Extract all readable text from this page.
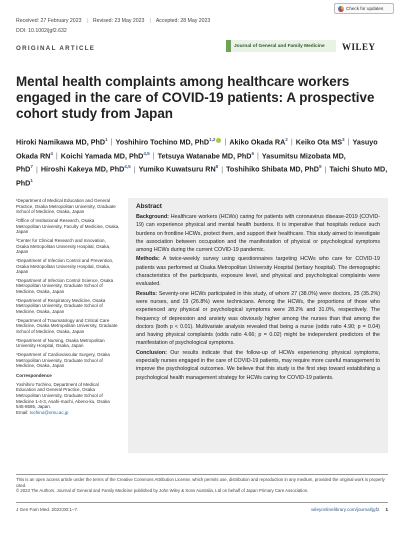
Check for updates
Received: 27 February 2023 | Revised: 23 May 2023 | Accepted: 28 May 2023
DOI: 10.1002/jgf2.632
ORIGINAL ARTICLE	Journal of General and Family Medicine WILEY
Mental health complaints among healthcare workers engaged in the care of COVID-19 patients: A prospective cohort study from Japan
Hiroki Namikawa MD, PhD$^1$ | Yoshihiro Tochino MD, PhD$^{1,2}$ | Akiko Okada $RA^2$ | Keiko Ota $MS^3$ | Yasuyo Okada $RN^4$ | Koichi Yamada MD, PhD$^{4,5}$ | Tetsuya Watanabe MD, PhD$^6$ | Yasumitsu Mizobata MD, PhD$^7$ | Hiroshi Kakeya MD, PhD$^{4,5}$ | Yumiko Kuwatsuru $RN^8$ | Toshihiko Shibata MD, PhD$^9$ | Taichi Shuto MD, PhD$^1$

¹Department of Medical Education and General Practice, Osaka Metropolitan University, Graduate School of Medicine, Osaka, Japan

²Office of Institutional Research, Osaka Metropolitan University, Faculty of Medicine, Osaka, Japan

³Center for Clinical Research and Innovation, Osaka Metropolitan University Hospital, Osaka, Japan

⁴Department of Infection Control and Prevention, Osaka Metropolitan University Hospital, Osaka, Japan

⁵Department of Infection Control Science, Osaka Metropolitan University, Graduate School of Medicine, Osaka, Japan

⁶Department of Respiratory Medicine, Osaka Metropolitan University, Graduate School of Medicine, Osaka, Japan

⁷Department of Traumatology and Critical Care Medicine, Osaka Metropolitan University, Graduate School of Medicine, Osaka, Japan

⁸Department of Nursing, Osaka Metropolitan University Hospital, Osaka, Japan

⁹Department of Cardiovascular Surgery, Osaka Metropolitan University, Graduate School of Medicine, Osaka, Japan

Correspondence

Yoshihiro Tochino, Department of Medical Education and General Practice, Osaka Metropolitan University, Graduate School of Medicine 1-4-3, Asahi-machi, Abeno-ku, Osaka 545-8585, Japan.
Email: tochino@omu.ac.jp

Abstract

Background: Healthcare workers (HCWs) caring for patients with coronavirus disease-2019 (COVID-19) can experience physical and mental health burdens. It is imperative that hospitals reduce such burdens on frontline HCWs, protect them, and support their healthcare. This study aimed to investigate the association between occupation and the manifestation of physical or psychological symptoms among HCWs during the current COVID-19 pandemic.

Methods: A twice-weekly survey using questionnaires targeting HCWs who care for COVID-19 patients was performed at Osaka Metropolitan University Hospital (tertiary hospital). The demographic characteristics of the participants, exposure level, and physical and psychological complaints were evaluated.

Results: Seventy-one HCWs participated in this study, of whom 27 (38.0%) were doctors, 25 (35.2%) were nurses, and 19 (26.8%) were technicians. Among the HCWs, the proportions of those who experienced any physical or psychological symptoms were 28.2% and 31.0%, respectively. The frequency of depression and anxiety was obviously higher among the nurses than that among the doctors (both p < 0.01). Multivariate analysis revealed that being a nurse (odds ratio 4.90; p = 0.04) and having physical complaints (odds ratio 4.66; p = 0.02) might be independent predictors of the manifestation of psychological symptoms.

Conclusion: Our results indicate that the follow-up of HCWs experiencing physical symptoms, especially nurses engaged in the care of COVID-19 patients, may require more careful management to improve the psychological outcomes. We believe that this study is the first step toward establishing a psychological health management strategy for HCWs caring for COVID-19 patients.

This is an open access article under the terms of the Creative Commons Attribution License, which permits use, distribution and reproduction in any medium, provided the original work is properly cited.
© 2023 The Authors. Journal of General and Family Medicine published by John Wiley & Sons Australia, Ltd on behalf of Japan Primary Care Association.
J Gen Fam Med. 2023;00:1–7.	wileyonlinelibrary.com/journal/jgf2 1
